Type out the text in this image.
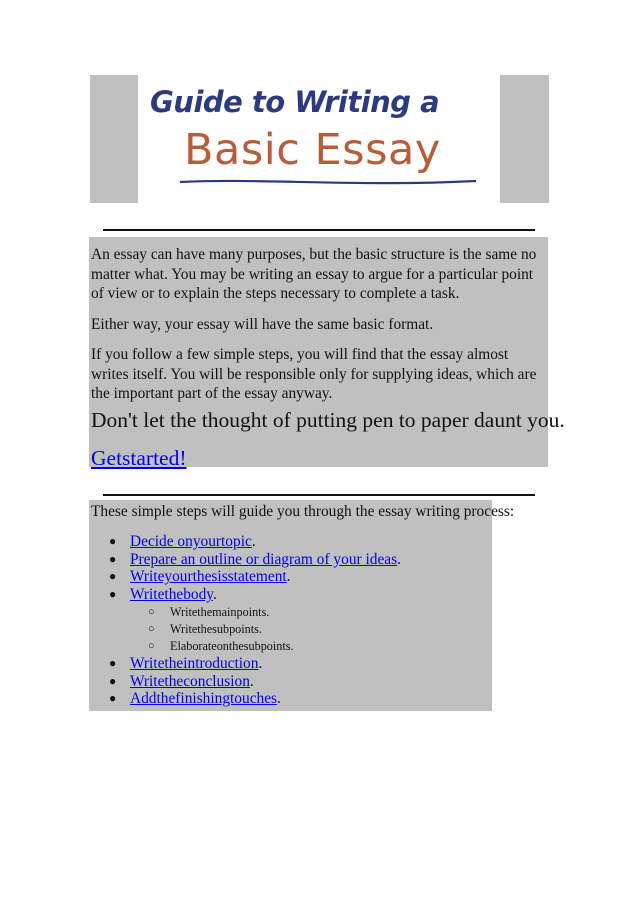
Guide to Writing a
Basic Essay

An essay can have many purposes, but the basic structure is the same no matter what. You may be writing an essay to argue for a particular point of view or to explain the steps necessary to complete a task.

Either way, your essay will have the same basic format.

If you follow a few simple steps, you will find that the essay almost writes itself. You will be responsible only for supplying ideas, which are the important part of the essay anyway.

Don't let the thought of putting pen to paper daunt you.

Getstarted!

These simple steps will guide you through the essay writing process:

● Decide onyourtopic.
● Prepare an outline or diagram of your ideas.
● Writeyourthesisstatement.
● Writethebody.
○ Writethemainpoints.
○ Writethesubpoints.
○ Elaborateonthesubpoints.
● Writetheintroduction.
● Writetheconclusion.
● Addthefinishingtouches.
